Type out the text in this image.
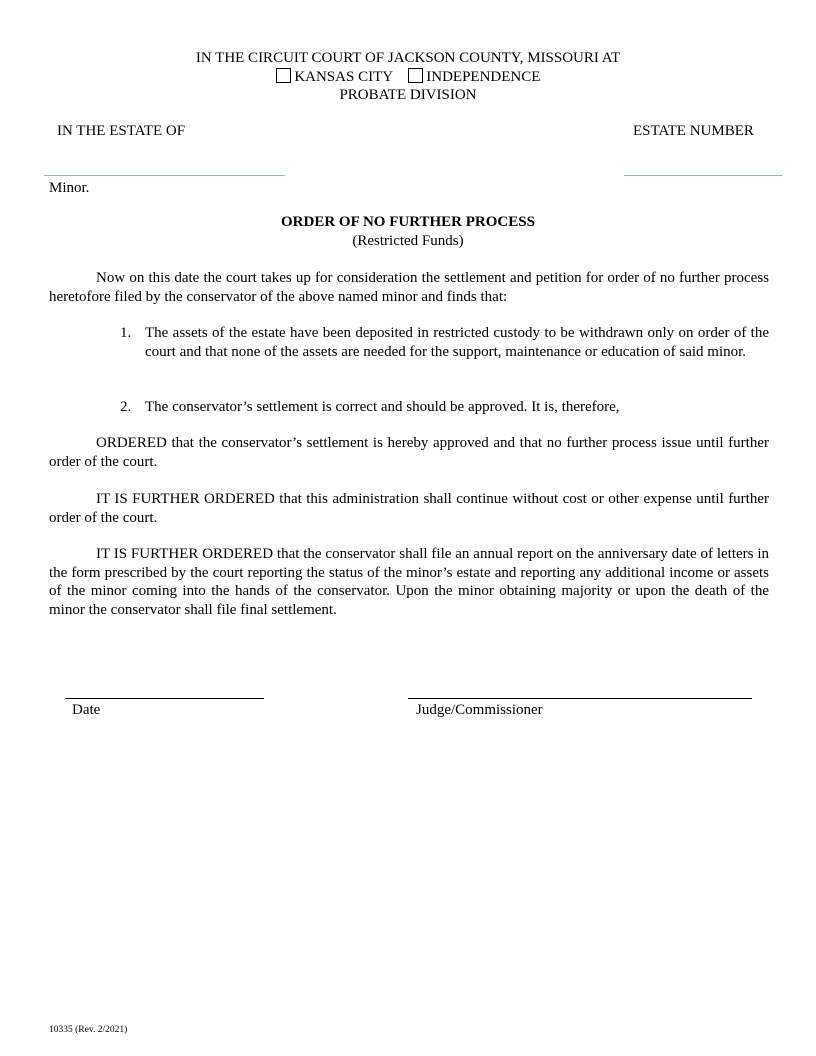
IN THE CIRCUIT COURT OF JACKSON COUNTY, MISSOURI AT
KANSAS CITY INDEPENDENCE
PROBATE DIVISION
IN THE ESTATE OF	ESTATE NUMBER
Minor.
ORDER OF NO FURTHER PROCESS
(Restricted Funds)

Now on this date the court takes up for consideration the settlement and petition for order of no further process heretofore filed by the conservator of the above named minor and finds that:

1. The assets of the estate have been deposited in restricted custody to be withdrawn only on order of the court and that none of the assets are needed for the support, maintenance or education of said minor.
2. The conservator’s settlement is correct and should be approved. It is, therefore,

ORDERED that the conservator’s settlement is hereby approved and that no further process issue until further order of the court.

IT IS FURTHER ORDERED that this administration shall continue without cost or other expense until further order of the court.

IT IS FURTHER ORDERED that the conservator shall file an annual report on the anniversary date of letters in the form prescribed by the court reporting the status of the minor’s estate and reporting any additional income or assets of the minor coming into the hands of the conservator. Upon the minor obtaining majority or upon the death of the minor the conservator shall file final settlement.

Date	Judge/Commissioner
10335 (Rev. 2/2021)
